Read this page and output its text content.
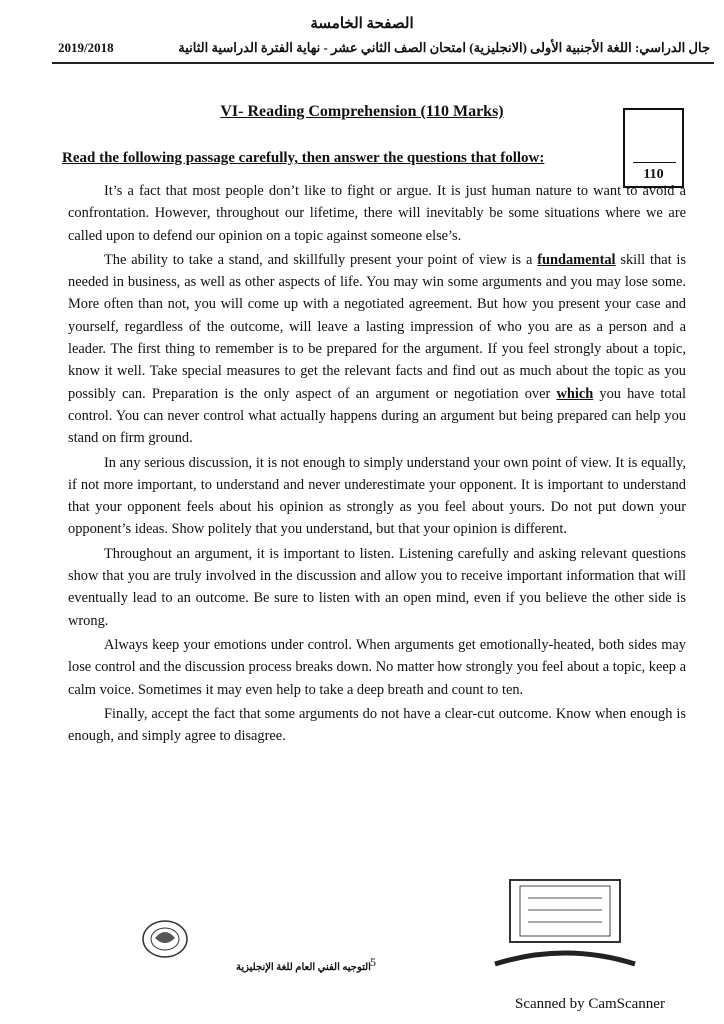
الصفحة الخامسة
2019/2018	جال الدراسي: اللغة الأجنبية الأولى (الانجليزية) امتحان الصف الثاني عشر - نهاية الفترة الدراسية الثانية
VI- Reading Comprehension (110 Marks)
110
Read the following passage carefully, then answer the questions that follow:

It’s a fact that most people don’t like to fight or argue. It is just human nature to want to avoid a confrontation. However, throughout our lifetime, there will inevitably be some situations where we are called upon to defend our opinion on a topic against someone else’s.

The ability to take a stand, and skillfully present your point of view is a fundamental skill that is needed in business, as well as other aspects of life. You may win some arguments and you may lose some. More often than not, you will come up with a negotiated agreement. But how you present your case and yourself, regardless of the outcome, will leave a lasting impression of who you are as a person and a leader. The first thing to remember is to be prepared for the argument. If you feel strongly about a topic, know it well. Take special measures to get the relevant facts and find out as much about the topic as you possibly can. Preparation is the only aspect of an argument or negotiation over which you have total control. You can never control what actually happens during an argument but being prepared can help you stand on firm ground.

In any serious discussion, it is not enough to simply understand your own point of view. It is equally, if not more important, to understand and never underestimate your opponent. It is important to understand that your opponent feels about his opinion as strongly as you feel about yours. Do not put down your opponent’s ideas. Show politely that you understand, but that your opinion is different.

Throughout an argument, it is important to listen. Listening carefully and asking relevant questions show that you are truly involved in the discussion and allow you to receive important information that will eventually lead to an outcome. Be sure to listen with an open mind, even if you believe the other side is wrong.

Always keep your emotions under control. When arguments get emotionally-heated, both sides may lose control and the discussion process breaks down. No matter how strongly you feel about a topic, keep a calm voice. Sometimes it may even help to take a deep breath and count to ten.

Finally, accept the fact that some arguments do not have a clear-cut outcome. Know when enough is enough, and simply agree to disagree.

التوجيه الفني العام للغة الإنجليزية 5
Scanned by CamScanner
